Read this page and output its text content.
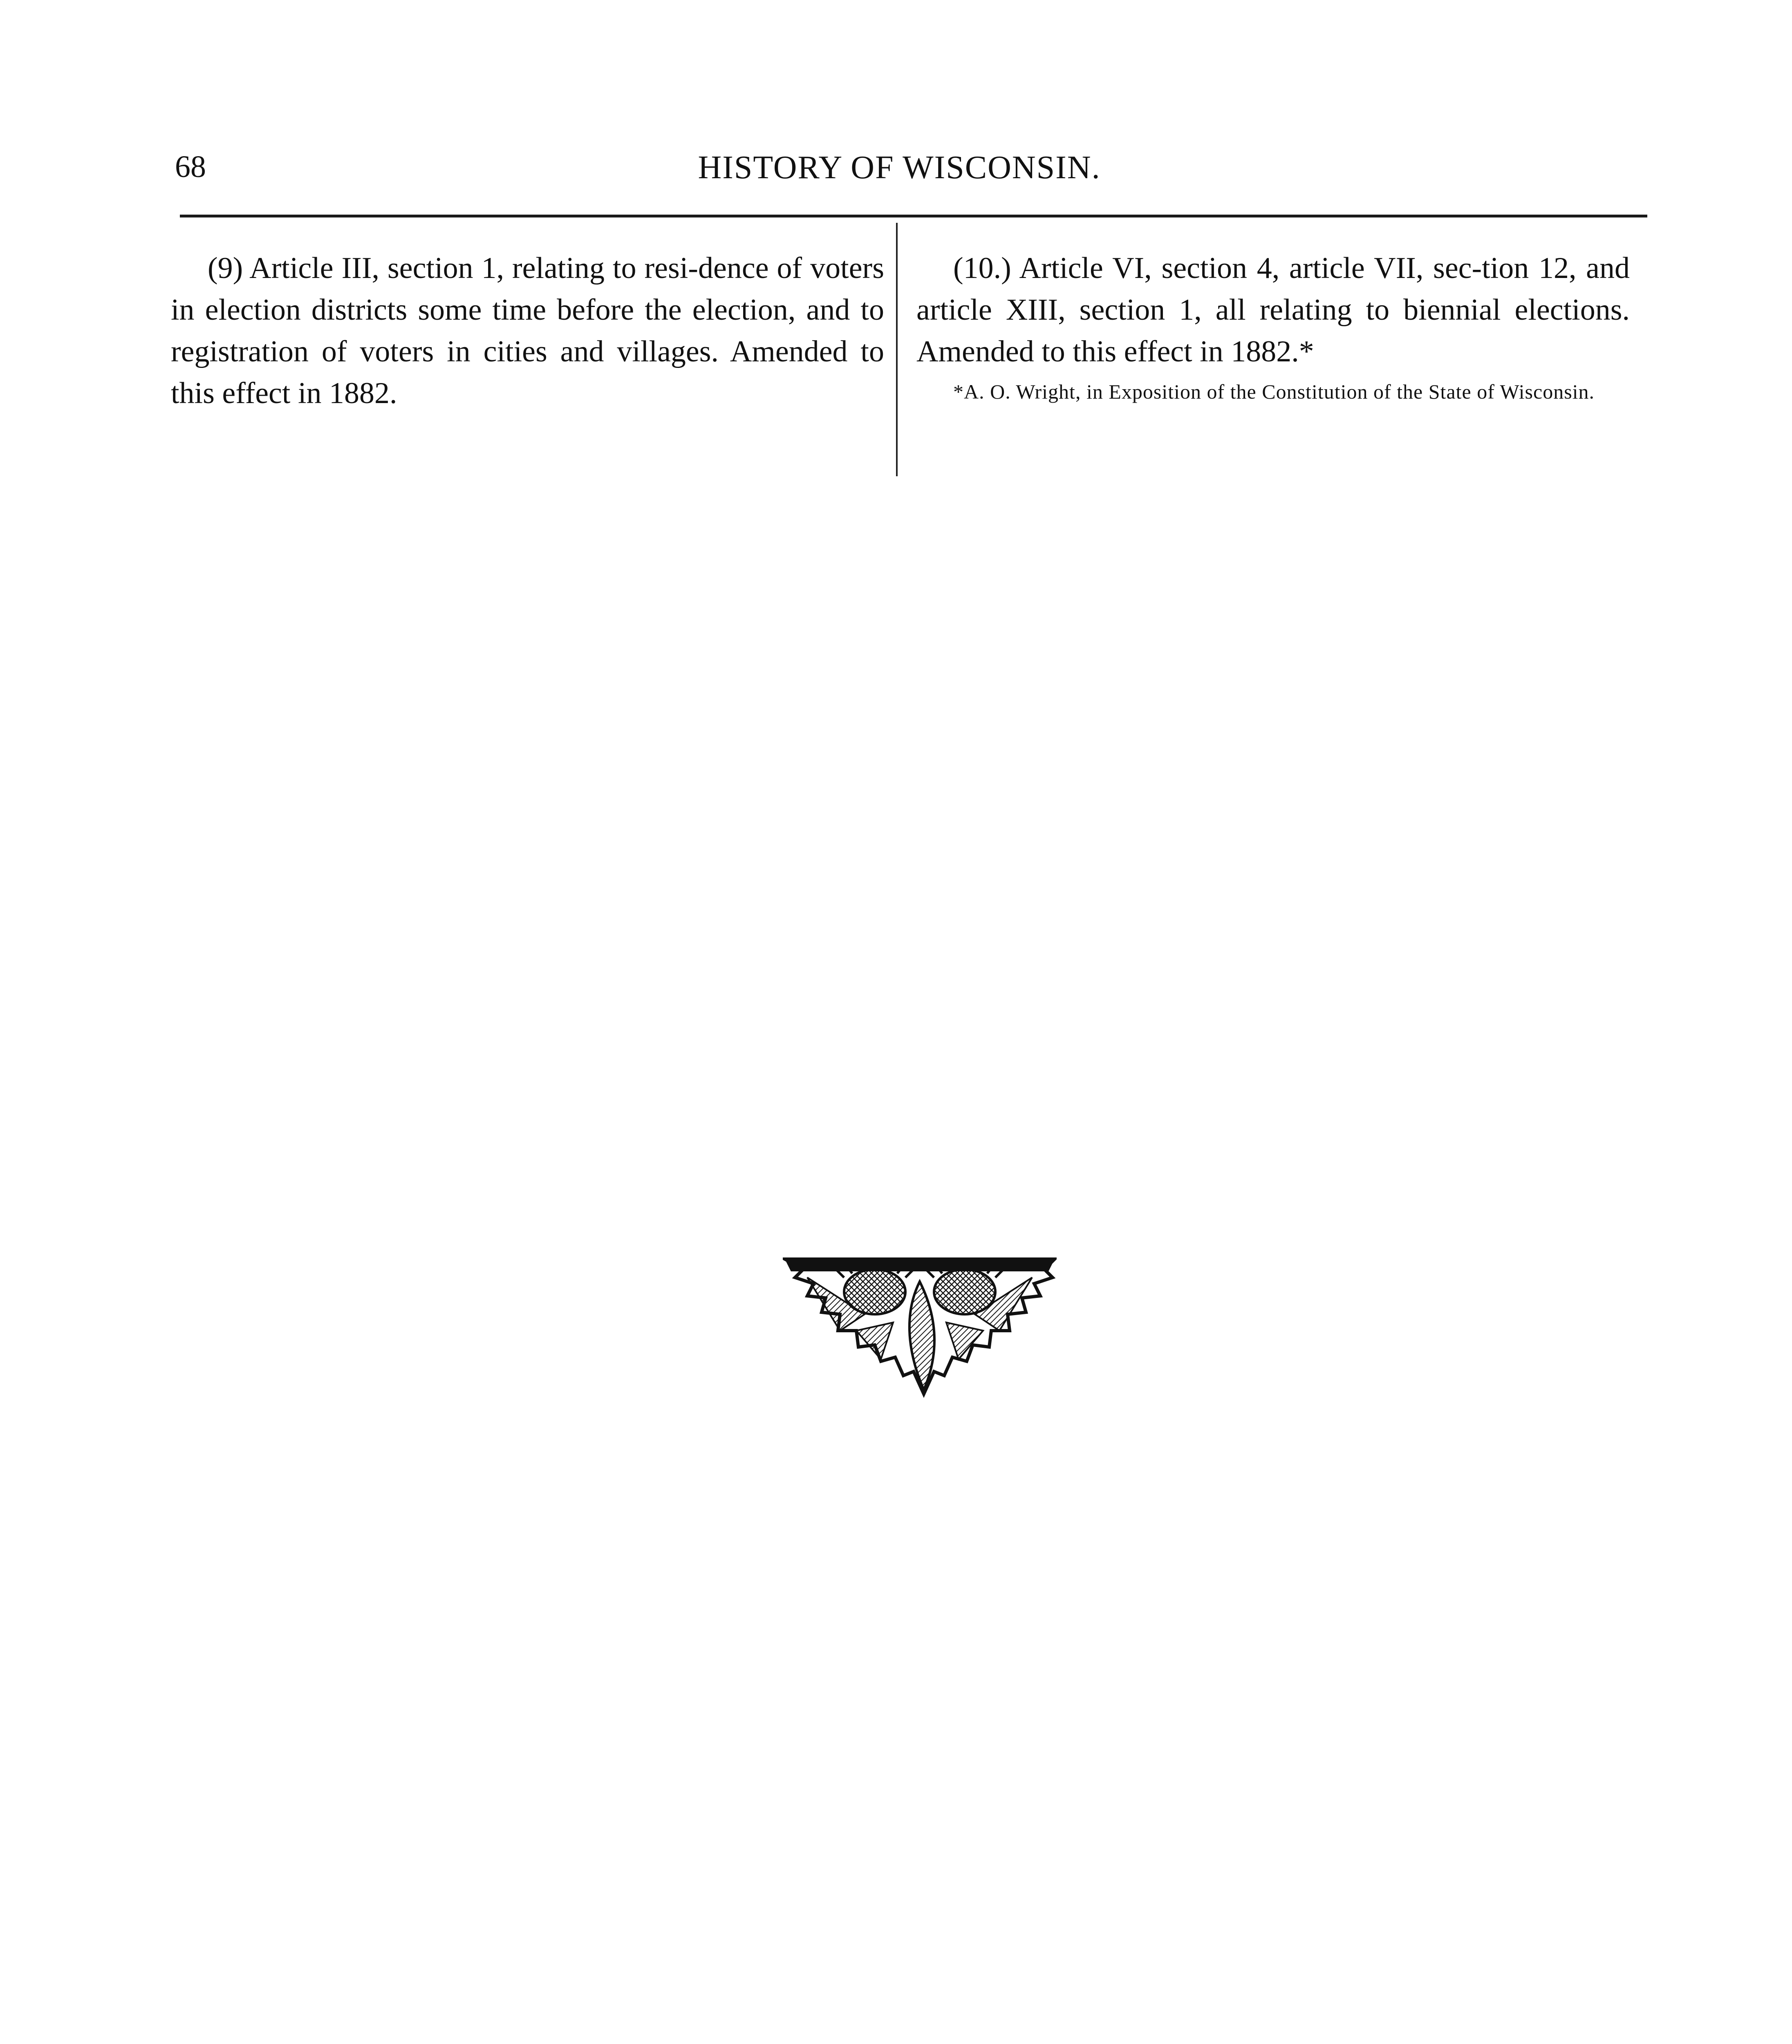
68	HISTORY OF WISCONSIN.

(9) Article III, section 1, relating to resi-dence of voters in election districts some time before the election, and to registration of voters in cities and villages. Amended to this effect in 1882.

(10.) Article VI, section 4, article VII, sec-tion 12, and article XIII, section 1, all relating to biennial elections. Amended to this effect in 1882.*

*A. O. Wright, in Exposition of the Constitution of the State of Wisconsin.
